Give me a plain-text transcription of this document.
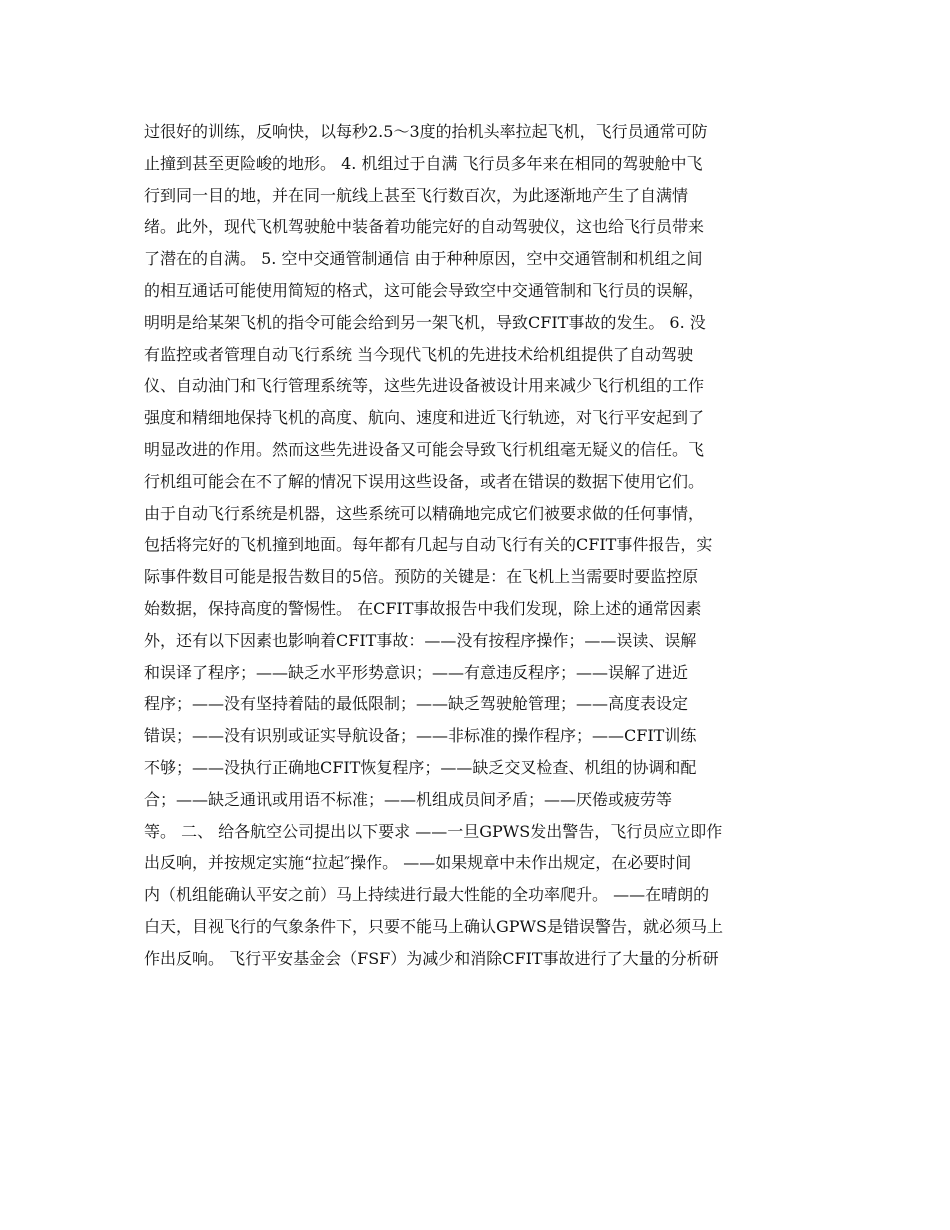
过很好的训练，反响快，以每秒2.5～3度的抬机头率拉起飞机，飞行员通常可防
止撞到甚至更险峻的地形。 4. 机组过于自满 飞行员多年来在相同的驾驶舱中飞
行到同一目的地，并在同一航线上甚至飞行数百次，为此逐渐地产生了自满情
绪。此外，现代飞机驾驶舱中装备着功能完好的自动驾驶仪，这也给飞行员带来
了潜在的自满。 5. 空中交通管制通信 由于种种原因，空中交通管制和机组之间
的相互通话可能使用简短的格式，这可能会导致空中交通管制和飞行员的误解，
明明是给某架飞机的指令可能会给到另一架飞机，导致CFIT事故的发生。 6. 没
有监控或者管理自动飞行系统 当今现代飞机的先进技术给机组提供了自动驾驶
仪、自动油门和飞行管理系统等，这些先进设备被设计用来减少飞行机组的工作
强度和精细地保持飞机的高度、航向、速度和进近飞行轨迹，对飞行平安起到了
明显改进的作用。然而这些先进设备又可能会导致飞行机组毫无疑义的信任。飞
行机组可能会在不了解的情况下误用这些设备，或者在错误的数据下使用它们。
由于自动飞行系统是机器，这些系统可以精确地完成它们被要求做的任何事情，
包括将完好的飞机撞到地面。每年都有几起与自动飞行有关的CFIT事件报告，实
际事件数目可能是报告数目的5倍。预防的关键是：在飞机上当需要时要监控原
始数据，保持高度的警惕性。 在CFIT事故报告中我们发现，除上述的通常因素
外，还有以下因素也影响着CFIT事故：——没有按程序操作；——误读、误解
和误译了程序；——缺乏水平形势意识；——有意违反程序；——误解了进近
程序；——没有坚持着陆的最低限制；——缺乏驾驶舱管理；——高度表设定
错误；——没有识别或证实导航设备；——非标准的操作程序；——CFIT训练
不够；——没执行正确地CFIT恢复程序；——缺乏交叉检查、机组的协调和配
合；——缺乏通讯或用语不标准；——机组成员间矛盾；——厌倦或疲劳等
等。 二、 给各航空公司提出以下要求 ——一旦GPWS发出警告，飞行员应立即作
出反响，并按规定实施“拉起″操作。 ——如果规章中未作出规定，在必要时间
内（机组能确认平安之前）马上持续进行最大性能的全功率爬升。 ——在晴朗的
白天，目视飞行的气象条件下，只要不能马上确认GPWS是错误警告，就必须马上
作出反响。 飞行平安基金会（FSF）为减少和消除CFIT事故进行了大量的分析研
